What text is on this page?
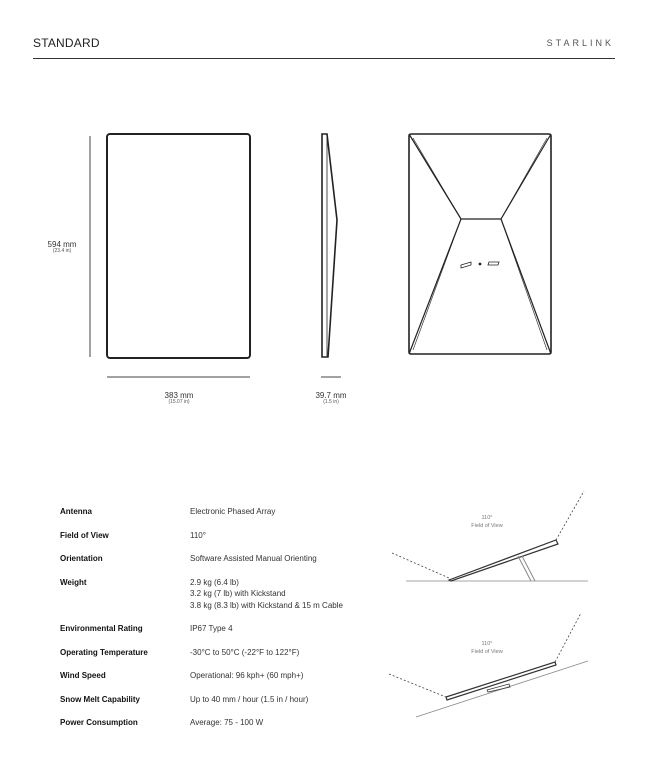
STANDARD	STARLINK
594 mm
(23.4 in)
383 mm
(15.07 in)
39.7 mm
(1.5 in)
Antenna	Electronic Phased Array
Field of View	110°
Orientation	Software Assisted Manual Orienting
Weight	2.9 kg (6.4 lb)
3.2 kg (7 lb) with Kickstand
3.8 kg (8.3 lb) with Kickstand & 15 m Cable
Environmental Rating	IP67 Type 4
Operating Temperature	-30°C to 50°C (-22°F to 122°F)
Wind Speed	Operational: 96 kph+ (60 mph+)
Snow Melt Capability	Up to 40 mm / hour (1.5 in / hour)
Power Consumption	Average: 75 - 100 W
110°
Field of View
110°
Field of View
